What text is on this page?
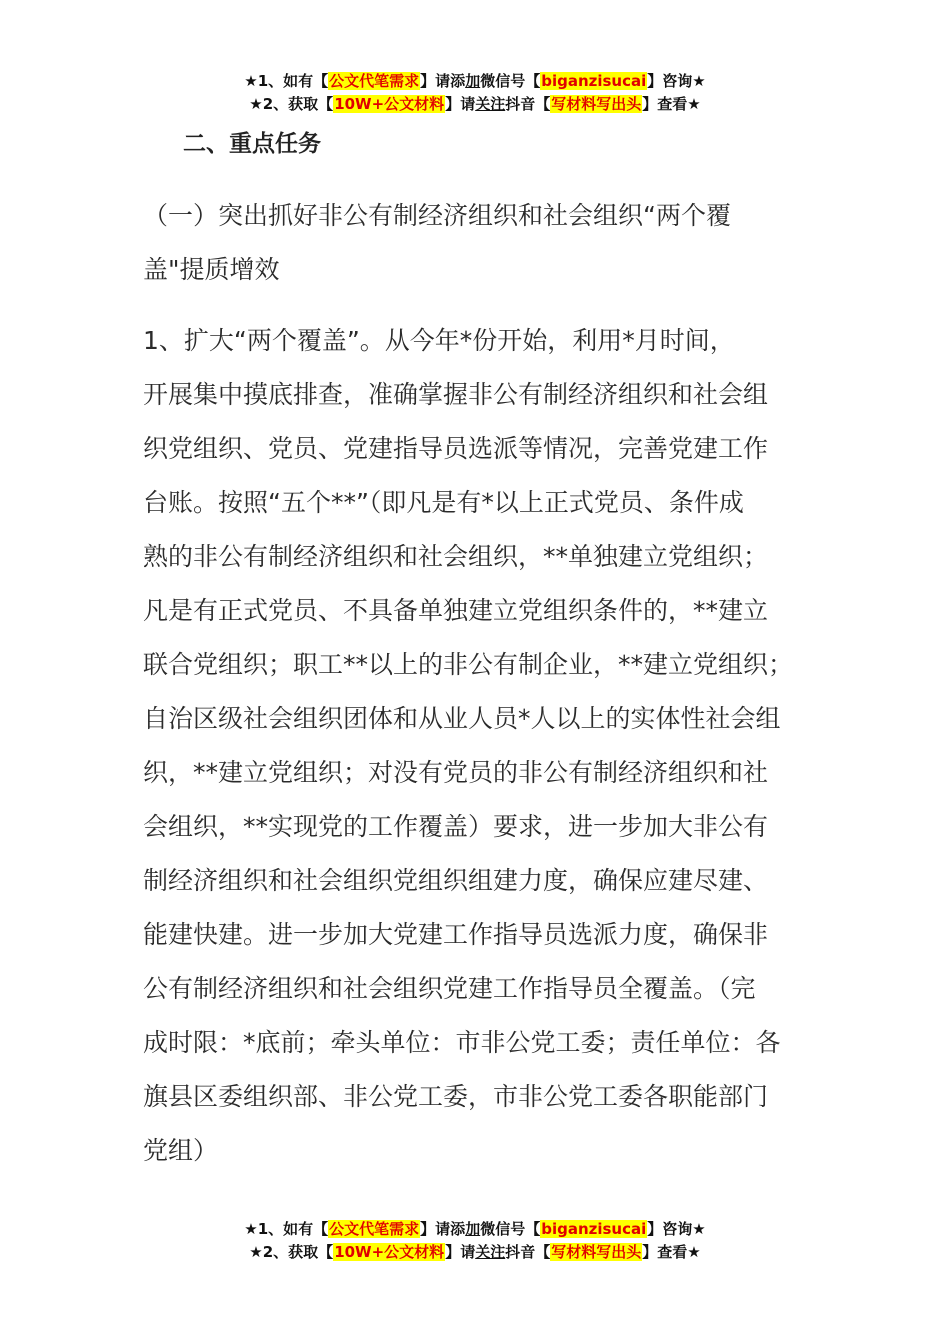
★1、如有【公文代笔需求】请添加微信号【biganzisucai】咨询★
★2、获取【10W+公文材料】请关注抖音【写材料写出头】查看★
二、重点任务
（一）突出抓好非公有制经济组织和社会组织“两个覆
盖"提质增效
1、扩大“两个覆盖”。从今年*份开始，利用*月时间，
开展集中摸底排查，准确掌握非公有制经济组织和社会组
织党组织、党员、党建指导员选派等情况，完善党建工作
台账。按照“五个**”（即凡是有*以上正式党员、条件成
熟的非公有制经济组织和社会组织，**单独建立党组织；
凡是有正式党员、不具备单独建立党组织条件的，**建立
联合党组织；职工**以上的非公有制企业，**建立党组织；
自治区级社会组织团体和从业人员*人以上的实体性社会组
织，**建立党组织；对没有党员的非公有制经济组织和社
会组织，**实现党的工作覆盖）要求，进一步加大非公有
制经济组织和社会组织党组织组建力度，确保应建尽建、
能建快建。进一步加大党建工作指导员选派力度，确保非
公有制经济组织和社会组织党建工作指导员全覆盖。（完
成时限：*底前；牵头单位：市非公党工委；责任单位：各
旗县区委组织部、非公党工委，市非公党工委各职能部门
党组）
★1、如有【公文代笔需求】请添加微信号【biganzisucai】咨询★
★2、获取【10W+公文材料】请关注抖音【写材料写出头】查看★
